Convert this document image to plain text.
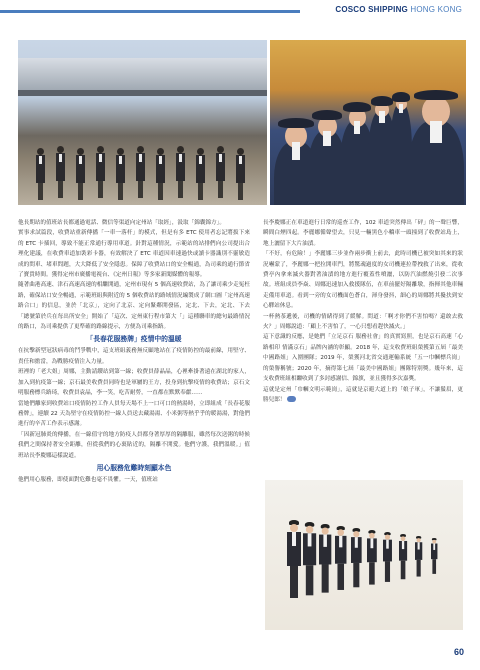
COSCO SHIPPING HONG KONG

他長期站的值班站長都通過電話、微信等渠道向定州站「取經」，汲取「錦囊錦方」。

實事求試篇段，收費站重新傳播「一車一落杆」的模式，但是有多 ETC 使用者忘記將拔下來的 ETC 卡插回，導致不能正常通行導用車道。針對這種情況，示範站的站排們向公司提出合理化建議，在收費車道加裝彩卡器，有效解決了 ETC 車道因車速過快或讀卡器識別不靈敏造成的問車、堵車問題，大大降低了安全隱患。保障了收費站口的安全暢通，為司乘的通行節省了寶貴時間。獲得定州市廣播電視台、《定州日報》等多家新聞媒體的報導。

隨著曲港高速、津石高速高速的相繼開通，定州市現有 5 個高速收費站，為了讓司乘少走冤枉路，確保站口安全暢通，示範班組與附近的 5 個收費站的路域情況編製成了網口圖「定州高速路合口」的信息，並於「北京」，定向了北京、定向緊鄰開發區，定北、下去，定北、下去「總號第於兵在每出所安全」開始了「這次、定州東行程市第大「」這種聯車的總句最路情況的路口，為司乘提供了更準確的路線提示，方便為司乘指路。

「長春花服務牌」疫情中的溫暖

在抗擊新型冠狀病毒的鬥爭戰中，這支班組義務無反顧地站在了疫情防控的最前線，用堅守、責任和擔當，為戰勝疫情注入力量。

班裡的「老大姐」周娜，主動請纓站到第一線；收費員薛晶晶，心裡牽掛著遠在湖北的家人，加入到抗疫第一線；京石最美收費員同時也是軍屬的王方，投身到抗擊疫情的收費站；京石文明服務標兵路琦，收費員袁晶，李一笑，吃苦耐勞，一直都在默默奉獻……

當她們離家到收費站口疫情防控工作人員每天場不上一口可口的熱湯時，立即組成「長春花服務牌」，連續 22 天為堅守在疫情防控一線人員送去藏湯湯、小米粥等熱乎乎的暖湯湯，對他們進行的辛苦工作表示感謝。

「因新冠肺炎的傳播，在一線值守的地方防疫人員都身著厚厚的隔離服，雖然每次送粥的時候我們之間保持著安全距離，但從我們的心裏貼近的，隔離不開愛。他們守護，我們溫暖。」值班站長李慶娜這樣說道。

用心服務危難時刻顯本色

他們用心服務，即使面對危難也毫不畏懼。一天，值班站

長李慶娜正在車道進行日常的巡查工作，102 車道突然傳出「砰」的一聲巨響，瞬間白煙四起。李麗娜循聲望去，只見一輛黑色小轎車一頭撞到了收費站島上，地上灑留下大片油漬。

「不好，有危險！」李麗娜三步並作兩步衝上前去，此時司機已被突如其來的狀況嚇蒙了，李麗娜一把拉開車門，將驚魂過度的女司機連拉帶拽救了出來，從收費亭內拿來滅火器對著油漬的地方進行覆蓋性噴灑，以防汽油燃燒引發二次事故。班組成員李焱、周娜迅速加入救援隊伍，在車前擺好隔離墩，指揮其他車輛走備用車道。看到一旁的女司機面色蒼白，渾身發抖，細心的周娜將其攙扶到安心驛站休息。

一杯熱茶遞後，司機的情緒得到了緩解。問道：「啊才你們不害怕嗎？還敢去救火？」周娜說道：「顧上不害怕了，一心只想看趕快滅火。」

這下意識的反應，是她們「立足京石 服務社會」的真實寫照，也是京石高速「心路相印 情滿京石」品牌內涵的彰顯。2018 年，這支收費班組榮獲第五屆「最美中國路姐」入圍團隊；2019 年，榮獲河北省交通運輸系統「五一巾幗標兵崗」的榮譽稱號；2020 年，摘得第七屆「最美中國路姐」團隊特別獎。幾年來，這支收費班組相繼收到了多封感謝信、錦旗，並且獲得多次嘉獎。

這就是定州「巾幗文明示範崗」，這就是京避大道上的「娘子軍」，不讓鬚眉，更勝兒郎！

60
